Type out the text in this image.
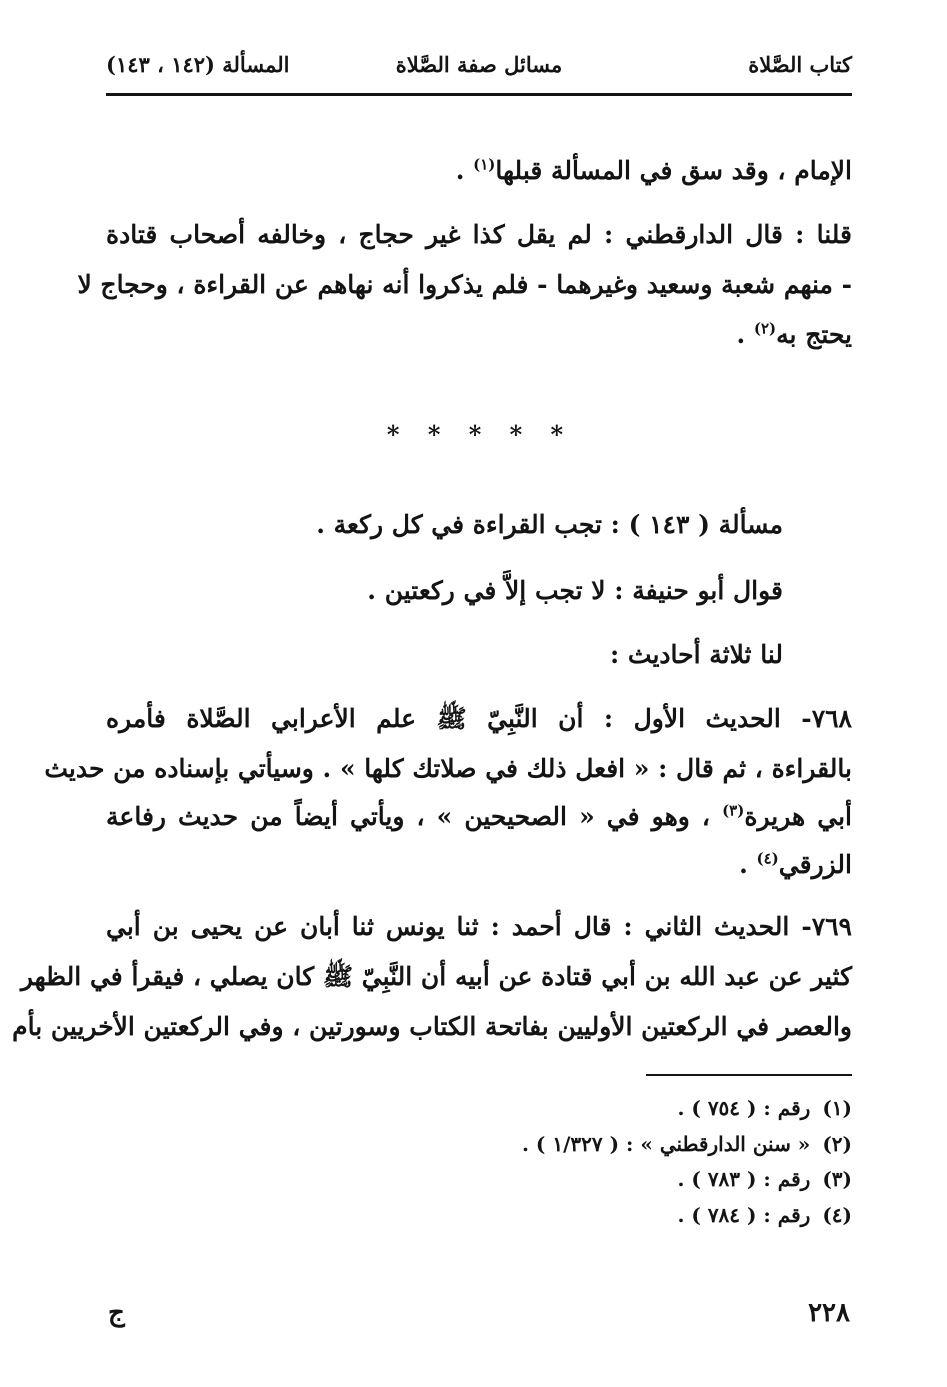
كتاب الصَّلاة
مسائل صفة الصَّلاة
المسألة (١٤٢ ، ١٤٣)
الإمام ، وقد سق في المسألة قبلها$^{(١)}$ .
قلنا : قال الدارقطني : لم يقل كذا غير حجاج ، وخالفه أصحاب قتادة
- منهم شعبة وسعيد وغيرهما - فلم يذكروا أنه نهاهم عن القراءة ، وحجاج لا
يحتج به$^{(٢)}$ .
* * * * *
مسألة ( ١٤٣ ) : تجب القراءة في كل ركعة .
قوال أبو حنيفة : لا تجب إلاَّ في ركعتين .
لنا ثلاثة أحاديث :
٧٦٨- الحديث الأول : أن النَّبِيّ ﷺ علم الأعرابي الصَّلاة فأمره
بالقراءة ، ثم قال : « افعل ذلك في صلاتك كلها » . وسيأتي بإسناده من حديث
أبي هريرة$^{(٣)}$ ، وهو في « الصحيحين » ، ويأتي أيضاً من حديث رفاعة
الزرقي$^{(٤)}$ .
٧٦٩- الحديث الثاني : قال أحمد : ثنا يونس ثنا أبان عن يحيى بن أبي
كثير عن عبد الله بن أبي قتادة عن أبيه أن النَّبِيّ ﷺ كان يصلي ، فيقرأ في الظهر
والعصر في الركعتين الأوليين بفاتحة الكتاب وسورتين ، وفي الركعتين الأخريين بأم
(١)رقم : ( ٧٥٤ ) .
(٢)« سنن الدارقطني » : ( ١/٣٢٧ ) .
(٣)رقم : ( ٧٨٣ ) .
(٤)رقم : ( ٧٨٤ ) .
٢٢٨
ج
